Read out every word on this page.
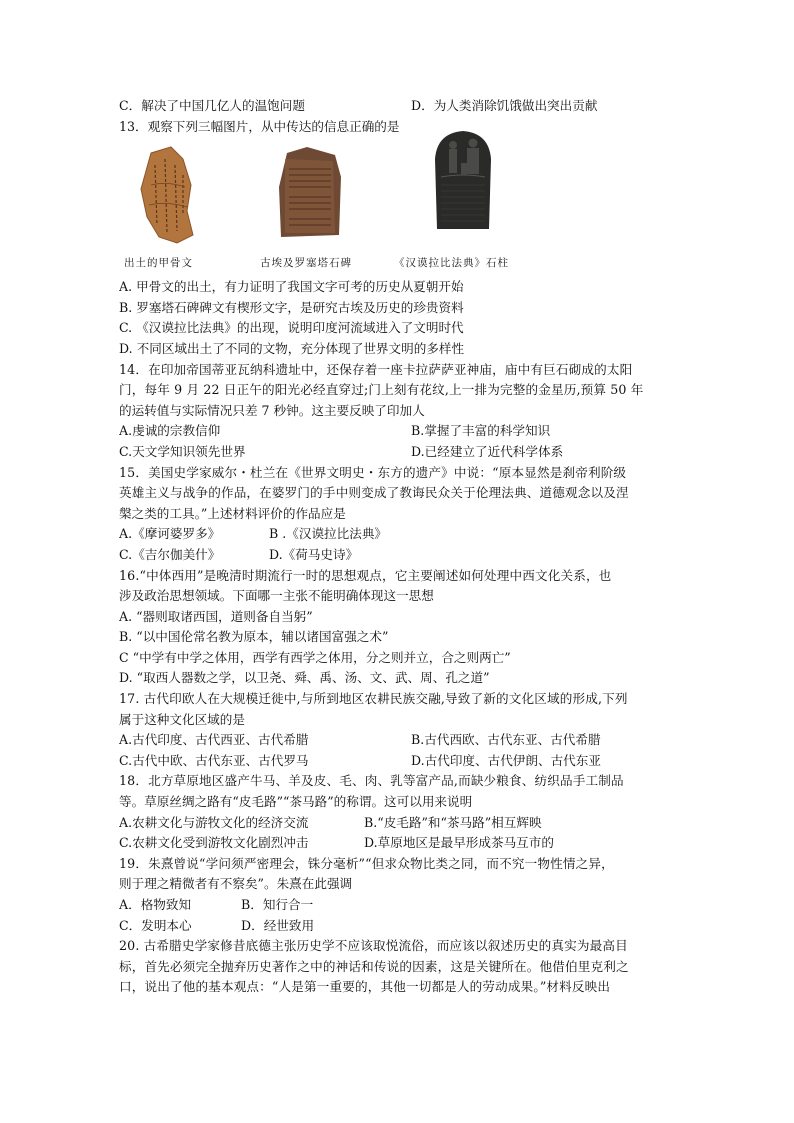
C．解决了中国几亿人的温饱问题	D．为人类消除饥饿做出突出贡献
13．观察下列三幅图片，从中传达的信息正确的是
出土的甲骨文	古埃及罗塞塔石碑	《汉谟拉比法典》石柱
A. 甲骨文的出土，有力证明了我国文字可考的历史从夏朝开始
B. 罗塞塔石碑碑文有楔形文字，是研究古埃及历史的珍贵资料
C. 《汉谟拉比法典》的出现，说明印度河流域进入了文明时代
D. 不同区域出土了不同的文物，充分体现了世界文明的多样性
14．在印加帝国蒂亚瓦纳科遗址中，还保存着一座卡拉萨萨亚神庙，庙中有巨石砌成的太阳
门，每年 9 月 22 日正午的阳光必经直穿过;门上刻有花纹,上一排为完整的金星历,预算 50 年
的运转值与实际情况只差 7 秒钟。这主要反映了印加人
A.虔诚的宗教信仰	B.掌握了丰富的科学知识
C.天文学知识领先世界	D.已经建立了近代科学体系
15．美国史学家威尔・杜兰在《世界文明史・东方的遗产》中说：“原本显然是刹帝利阶级
英雄主义与战争的作品，在婆罗门的手中则变成了教诲民众关于伦理法典、道德观念以及涅
槃之类的工具。”上述材料评价的作品应是
A.《摩诃婆罗多》	B .《汉谟拉比法典》
C.《吉尔伽美什》	D.《荷马史诗》
16.“中体西用”是晚清时期流行一时的思想观点，它主要阐述如何处理中西文化关系，也
涉及政治思想领域。下面哪一主张不能明确体现这一思想
A. “器则取诸西国，道则备自当躬”
B. “以中国伦常名教为原本，辅以诸国富强之术”
C “中学有中学之体用，西学有西学之体用，分之则并立，合之则两亡”
D. “取西人器数之学，以卫尧、舜、禹、汤、文、武、周、孔之道”
17. 古代印欧人在大规模迁徙中,与所到地区农耕民族交融,导致了新的文化区域的形成,下列
属于这种文化区域的是
A.古代印度、古代西亚、古代希腊	B.古代西欧、古代东亚、古代希腊
C.古代中欧、古代东亚、古代罗马	D.古代印度、古代伊朗、古代东亚
18．北方草原地区盛产牛马、羊及皮、毛、肉、乳等富产品,而缺少粮食、纺织品手工制品
等。草原丝绸之路有“皮毛路”“茶马路”的称谓。这可以用来说明
A.农耕文化与游牧文化的经济交流	B.“皮毛路”和“茶马路”相互辉映
C.农耕文化受到游牧文化剧烈冲击	D.草原地区是最早形成茶马互市的
19．朱熹曾说“学问须严密理会，铢分毫析”“但求众物比类之同，而不究一物性情之异，
则于理之精微者有不察矣”。朱熹在此强调
A．格物致知	B．知行合一
C．发明本心	D．经世致用
20. 古希腊史学家修昔底德主张历史学不应该取悦流俗，而应该以叙述历史的真实为最高目
标，首先必须完全抛弃历史著作之中的神话和传说的因素，这是关键所在。他借伯里克利之
口，说出了他的基本观点：“人是第一重要的，其他一切都是人的劳动成果。”材料反映出
